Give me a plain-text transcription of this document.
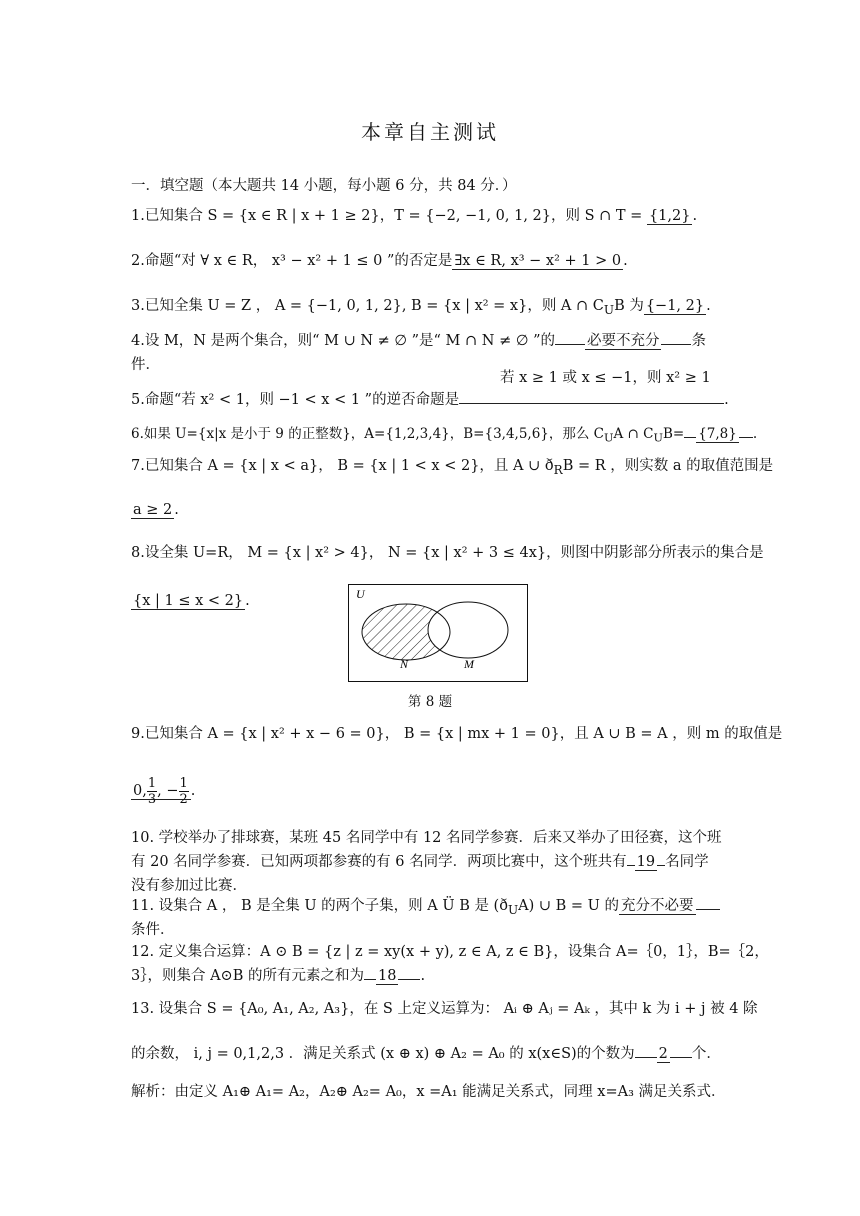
本章自主测试
一．填空题（本大题共 14 小题，每小题 6 分，共 84 分．）
1.已知集合 S = {x ∈ R | x + 1 ≥ 2}，T = {−2, −1, 0, 1, 2}，则 S ∩ T = {1,2} .
2.命题“对 ∀ x ∈ R， x³ − x² + 1 ≤ 0 ”的否定是 ∃x ∈ R, x³ − x² + 1 > 0 .
3.已知全集 U = Z ， A = {−1, 0, 1, 2}, B = {x | x² = x}，则 A ∩ $C_UB$ 为 {−1, 2} .
4.设 M，N 是两个集合，则“ M ∪ N ≠ ∅ ”是“ M ∩ N ≠ ∅ ”的 必要不充分 条
件．
若 x ≥ 1 或 x ≤ −1，则 x² ≥ 1
5.命题“若 x² < 1，则 −1 < x < 1 ”的逆否命题是	.
6.如果 U={x|x 是小于 9 的正整数}，A={1,2,3,4}，B={3,4,5,6}，那么 $C_UA$ ∩ $C_UB= \{7,8\}$ .
7.已知集合 A = {x | x < a}， B = {x | 1 < x < 2}，且 A ∪ $ð_RB = R$ ，则实数 a 的取值范围是
a ≥ 2 .
8.设全集 U=R， M = {x | x² > 4}， N = {x | x² + 3 ≤ 4x}，则图中阴影部分所表示的集合是
{x | 1 ≤ x < 2} .	U
N	M
第 8 题
9.已知集合 A = {x | x² + x − 6 = 0}， B = {x | mx + 1 = 0}，且 A ∪ B = A ，则 m 的取值是
0, $\frac{1}{3}$ , − $\frac{1}{2}$ .
10. 学校举办了排球赛，某班 45 名同学中有 12 名同学参赛．后来又举办了田径赛，这个班
有 20 名同学参赛．已知两项都参赛的有 6 名同学．两项比赛中，这个班共有 19 名同学
没有参加过比赛．
11. 设集合 A ， B 是全集 U 的两个子集，则 A Ü B 是 $(ð_UA)$ ∪ B = U 的 充分不必要
条件．
12. 定义集合运算：A ⊙ B = {z | z = xy(x + y), z ∈ A, z ∈ B}，设集合 A=｛0，1｝，B=｛2，
3｝，则集合 A⊙B 的所有元素之和为 18 .
13. 设集合 S = {A₀, A₁, A₂, A₃}，在 S 上定义运算为： Aᵢ ⊕ Aⱼ = Aₖ ，其中 k 为 i + j 被 4 除
的余数， i, j = 0,1,2,3 ．满足关系式 (x ⊕ x) ⊕ A₂ = A₀ 的 x(x∈S)的个数为 2 个．
解析：由定义 A₁⊕ A₁= A₂，A₂⊕ A₂= A₀，x =A₁ 能满足关系式，同理 x=A₃ 满足关系式．
